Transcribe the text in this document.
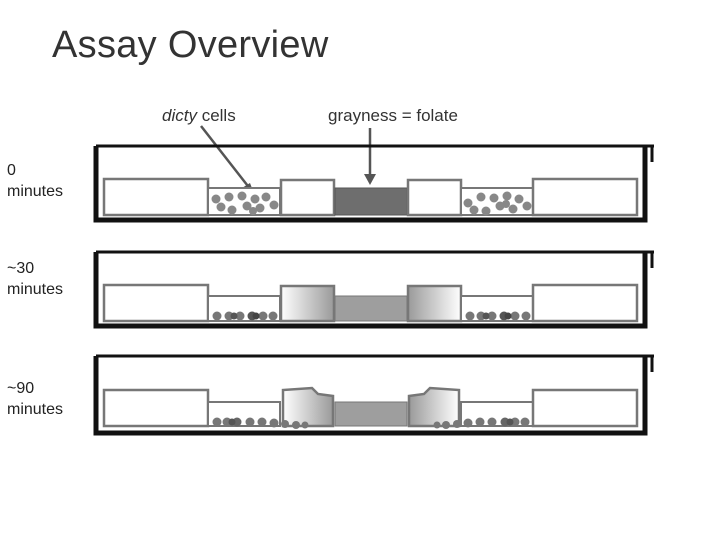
Assay Overview
dicty cells	grayness = folate
0
minutes
~30
minutes
~90
minutes
